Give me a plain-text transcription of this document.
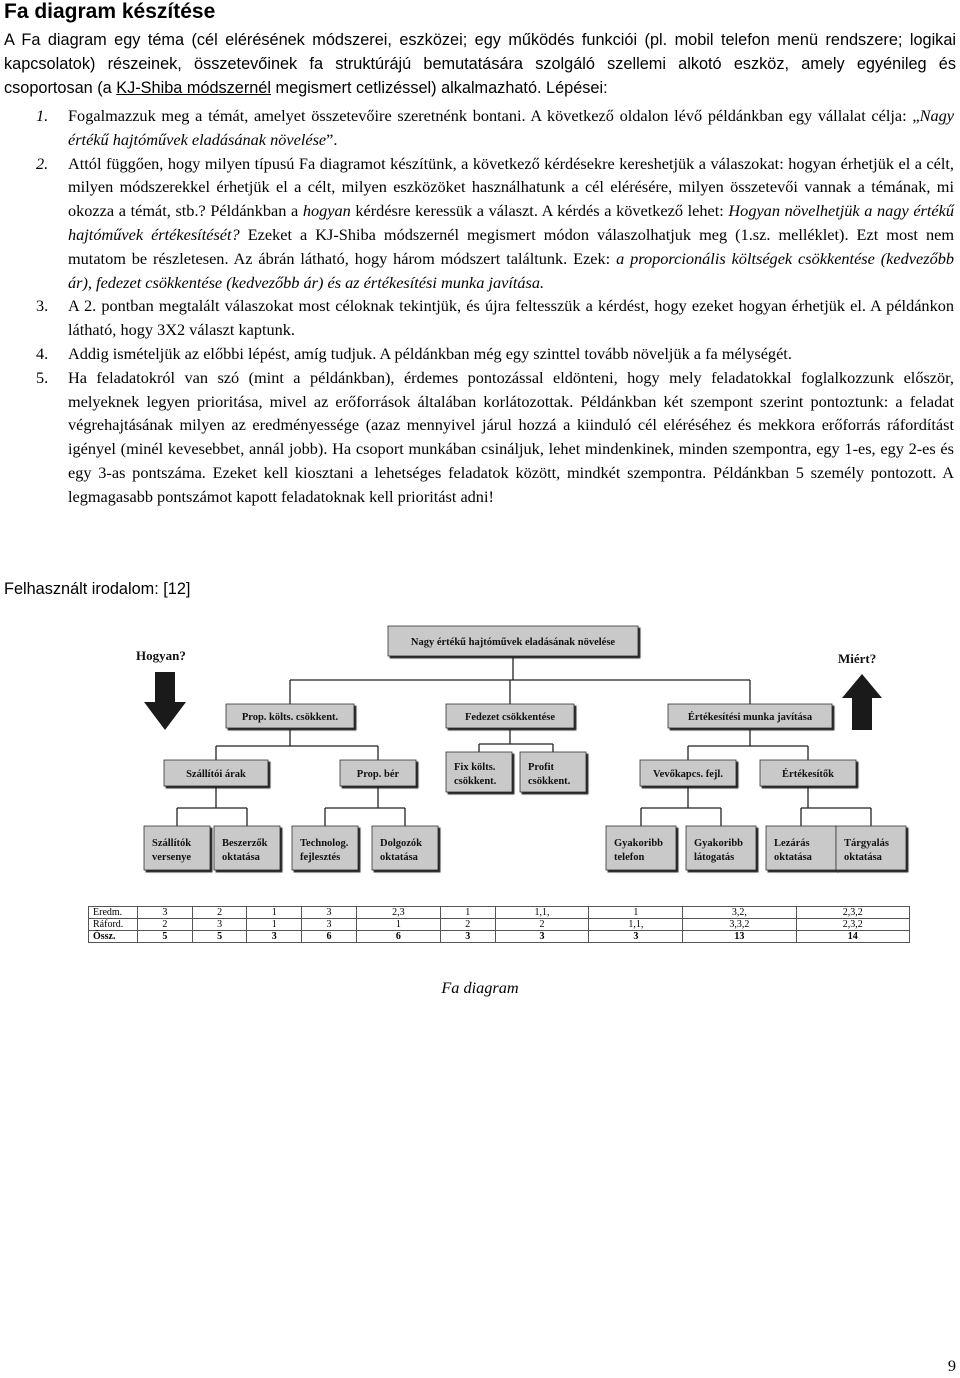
Fa diagram készítése
A Fa diagram egy téma (cél elérésének módszerei, eszközei; egy működés funkciói (pl. mobil telefon menü rendszere; logikai kapcsolatok) részeinek, összetevőinek fa struktúrájú bemutatására szolgáló szellemi alkotó eszköz, amely egyénileg és csoportosan (a KJ-Shiba módszernél megismert cetlizéssel) alkalmazható. Lépései:
1. Fogalmazzuk meg a témát, amelyet összetevőire szeretnénk bontani. A következő oldalon lévő példánkban egy vállalat célja: „Nagy értékű hajtóművek eladásának növelése”.
2. Attól függően, hogy milyen típusú Fa diagramot készítünk, a következő kérdésekre kereshetjük a válaszokat: hogyan érhetjük el a célt, milyen módszerekkel érhetjük el a célt, milyen eszközöket használhatunk a cél elérésére, milyen összetevői vannak a témának, mi okozza a témát, stb.? Példánkban a hogyan kérdésre keressük a választ. A kérdés a következő lehet: Hogyan növelhetjük a nagy értékű hajtóművek értékesítését? Ezeket a KJ-Shiba módszernél megismert módon válaszolhatjuk meg (1.sz. melléklet). Ezt most nem mutatom be részletesen. Az ábrán látható, hogy három módszert találtunk. Ezek: a proporcionális költségek csökkentése (kedvezőbb ár), fedezet csökkentése (kedvezőbb ár) és az értékesítési munka javítása.
3. A 2. pontban megtalált válaszokat most céloknak tekintjük, és újra feltesszük a kérdést, hogy ezeket hogyan érhetjük el. A példánkon látható, hogy 3X2 választ kaptunk.
4. Addig ismételjük az előbbi lépést, amíg tudjuk. A példánkban még egy szinttel tovább növeljük a fa mélységét.
5. Ha feladatokról van szó (mint a példánkban), érdemes pontozással eldönteni, hogy mely feladatokkal foglalkozzunk először, melyeknek legyen prioritása, mivel az erőforrások általában korlátozottak. Példánkban két szempont szerint pontoztunk: a feladat végrehajtásának milyen az eredményessége (azaz mennyivel járul hozzá a kiinduló cél eléréséhez és mekkora erőforrás ráfordítást igényel (minél kevesebbet, annál jobb). Ha csoport munkában csináljuk, lehet mindenkinek, minden szempontra, egy 1-es, egy 2-es és egy 3-as pontszáma. Ezeket kell kiosztani a lehetséges feladatok között, mindkét szempontra. Példánkban 5 személy pontozott. A legmagasabb pontszámot kapott feladatoknak kell prioritást adni!
Felhasznált irodalom: [12]
Nagy értékű hajtóművek eladásának növelése
Prop. költs. csökkent.	Fedezet csökkentése	Értékesítési munka javítása
Szállítói árak	Prop. bér
Fix költs. csökkent.
Profit csökkent.
Vevőkapcs. fejl.	Értékesítők
Szállítók versenye
Beszerzők oktatása
Technolog. fejlesztés
Dolgozók oktatása
Gyakoribb telefon
Gyakoribb látogatás
Lezárás oktatása
Tárgyalás oktatása
Hogyan?	Miért?
Eredm.	3	2	1	3	2,3	1	1,1,	1	3,2,	2,3,2
Ráford.	2	3	1	3	1	2	2	1,1,	3,3,2	2,3,2
Össz.	5	5	3	6	6	3	3	3	13	14
Fa diagram
9
